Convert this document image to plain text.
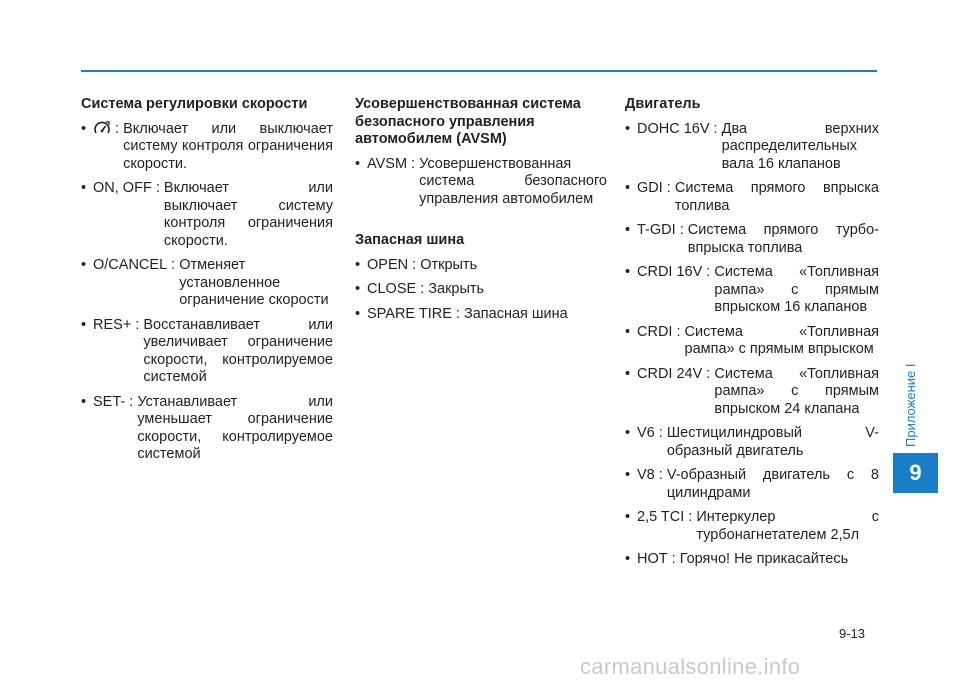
Система регулировки скорости
•  : Включает или выключает систему контроля ограничения скорости.
• ON, OFF : Включает или выключает систему контроля ограничения скорости.
• O/CANCEL : Отменяет установленное ограничение скорости
• RES+ : Восстанавливает или увеличивает ограничение скорости, контролируемое системой
• SET- : Устанавливает или уменьшает ограничение скорости, контролируемое системой
Усовершенствованная система безопасного управления автомобилем (AVSM)
• AVSM : Усовершенствованная система безопасного управления автомобилем
Запасная шина
• OPEN : Открыть
• CLOSE : Закрыть
• SPARE TIRE : Запасная шина
Двигатель
• DOHC 16V : Два верхних распределительных вала 16 клапанов
• GDI : Система прямого впрыска топлива
• T-GDI : Система прямого турбо-впрыска топлива
• CRDI 16V : Система «Топливная рампа» с прямым впрыском 16 клапанов
• CRDI : Система «Топливная рампа» с прямым впрыском
• CRDI 24V : Система «Топливная рампа» с прямым впрыском 24 клапана
• V6 : Шестицилиндровый V-образный двигатель
• V8 : V-образный двигатель с 8 цилиндрами
• 2,5 TCI : Интеркулер с турбонагнетателем 2,5л
• HOT : Горячо! Не прикасайтесь
Приложение I
9
9-13
carmanualsonline.info
